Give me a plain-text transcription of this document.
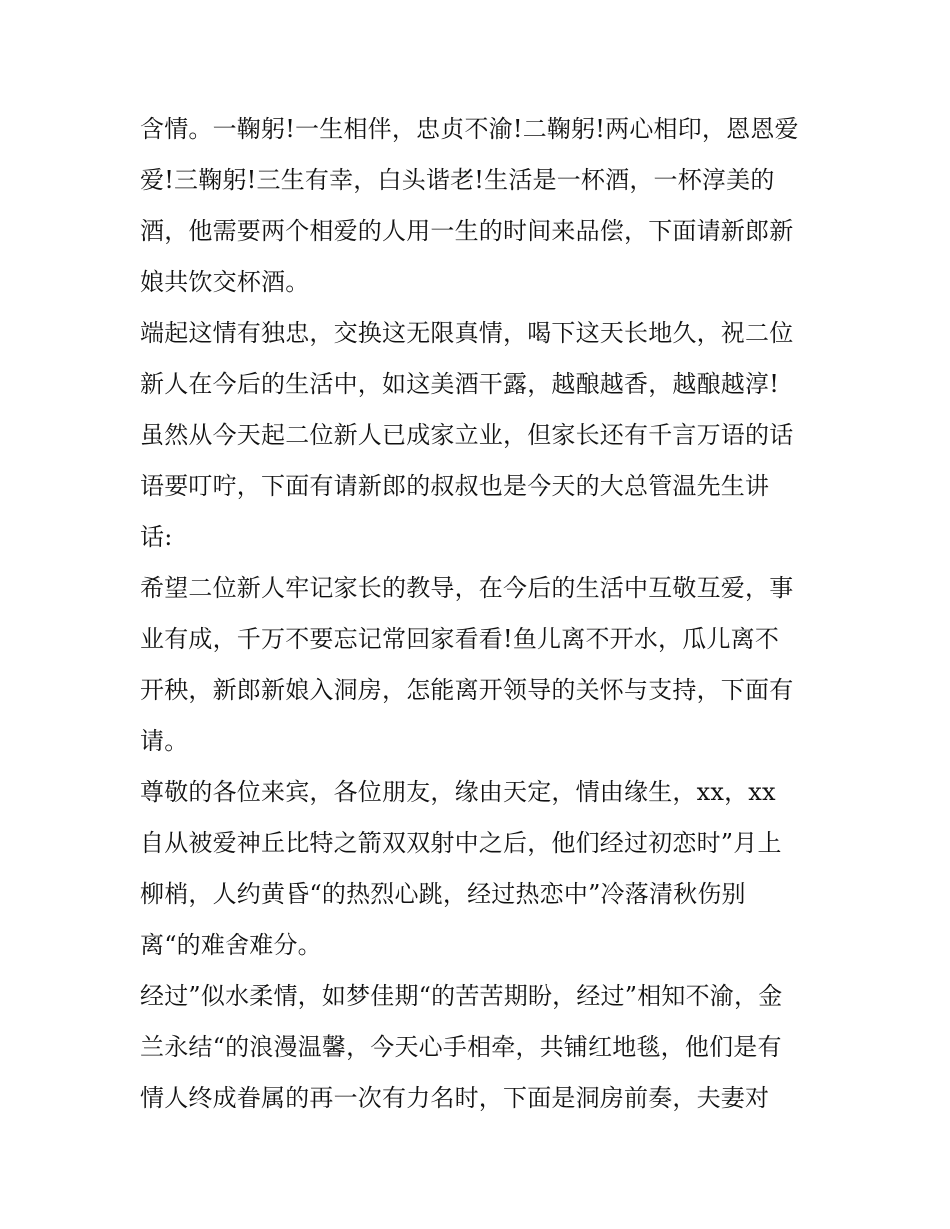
含情。一鞠躬!一生相伴，忠贞不渝!二鞠躬!两心相印，恩恩爱
爱!三鞠躬!三生有幸，白头谐老!生活是一杯酒，一杯淳美的
酒，他需要两个相爱的人用一生的时间来品偿，下面请新郎新
娘共饮交杯酒。
端起这情有独忠，交换这无限真情，喝下这天长地久，祝二位
新人在今后的生活中，如这美酒干露，越酿越香，越酿越淳!
虽然从今天起二位新人已成家立业，但家长还有千言万语的话
语要叮咛，下面有请新郎的叔叔也是今天的大总管温先生讲
话:
希望二位新人牢记家长的教导，在今后的生活中互敬互爱，事
业有成，千万不要忘记常回家看看!鱼儿离不开水，瓜儿离不
开秧，新郎新娘入洞房，怎能离开领导的关怀与支持，下面有
请。
尊敬的各位来宾，各位朋友，缘由天定，情由缘生，xx，xx
自从被爱神丘比特之箭双双射中之后，他们经过初恋时”月上
柳梢，人约黄昏“的热烈心跳，经过热恋中”冷落清秋伤别
离“的难舍难分。
经过”似水柔情，如梦佳期“的苦苦期盼，经过”相知不渝，金
兰永结“的浪漫温馨，今天心手相牵，共铺红地毯，他们是有
情人终成眷属的再一次有力名时，下面是洞房前奏，夫妻对
